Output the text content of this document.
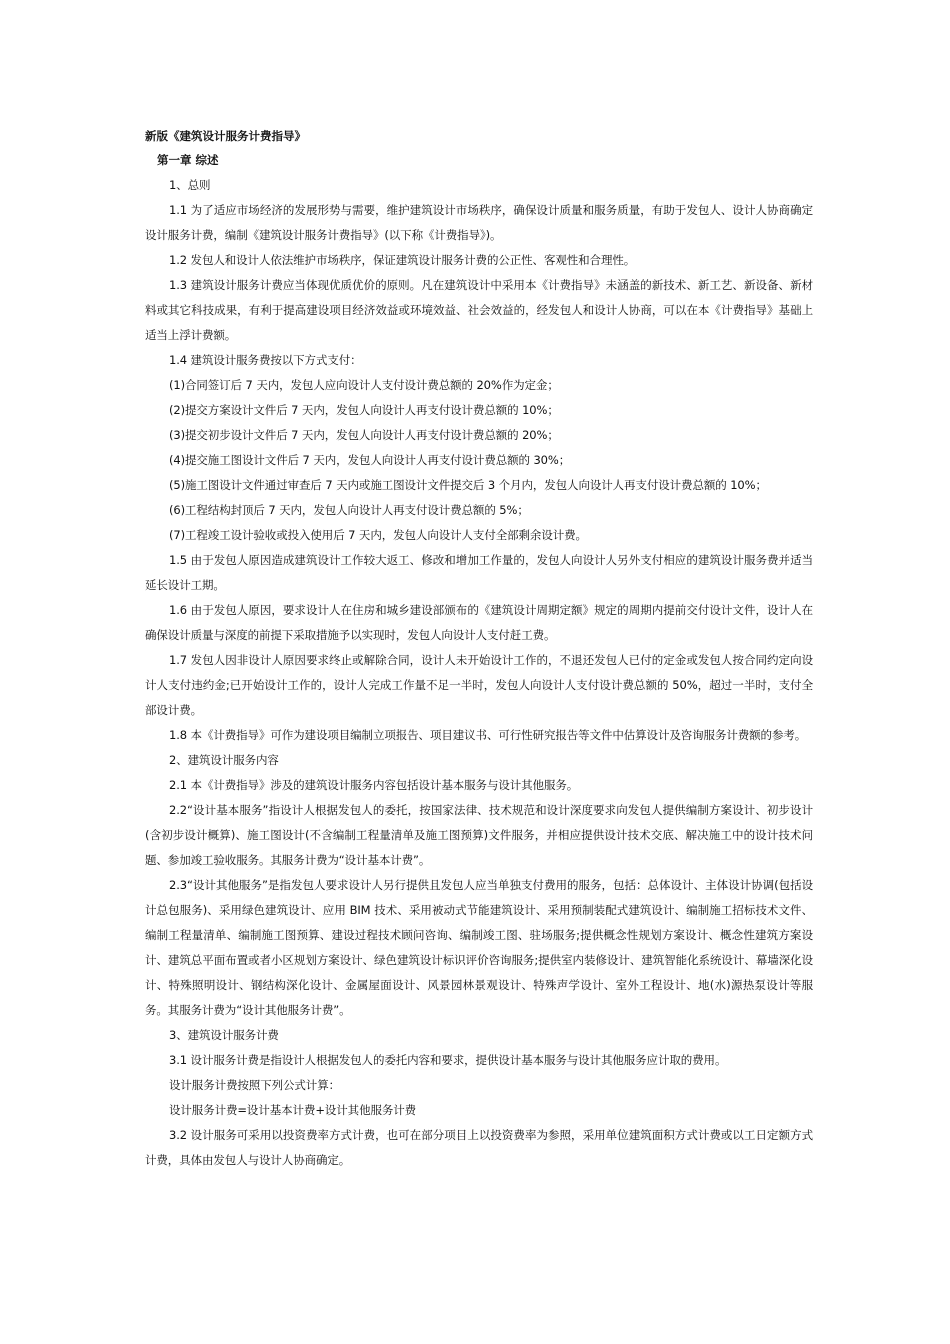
新版《建筑设计服务计费指导》

第一章 综述

1、总则

1.1 为了适应市场经济的发展形势与需要，维护建筑设计市场秩序，确保设计质量和服务质量，有助于发包人、设计人协商确定设计服务计费，编制《建筑设计服务计费指导》(以下称《计费指导》)。

1.2 发包人和设计人依法维护市场秩序，保证建筑设计服务计费的公正性、客观性和合理性。

1.3 建筑设计服务计费应当体现优质优价的原则。凡在建筑设计中采用本《计费指导》未涵盖的新技术、新工艺、新设备、新材料或其它科技成果，有利于提高建设项目经济效益或环境效益、社会效益的，经发包人和设计人协商，可以在本《计费指导》基础上适当上浮计费额。

1.4 建筑设计服务费按以下方式支付：

(1)合同签订后 7 天内，发包人应向设计人支付设计费总额的 20%作为定金；

(2)提交方案设计文件后 7 天内，发包人向设计人再支付设计费总额的 10%；

(3)提交初步设计文件后 7 天内，发包人向设计人再支付设计费总额的 20%；

(4)提交施工图设计文件后 7 天内，发包人向设计人再支付设计费总额的 30%；

(5)施工图设计文件通过审查后 7 天内或施工图设计文件提交后 3 个月内，发包人向设计人再支付设计费总额的 10%；

(6)工程结构封顶后 7 天内，发包人向设计人再支付设计费总额的 5%；

(7)工程竣工设计验收或投入使用后 7 天内，发包人向设计人支付全部剩余设计费。

1.5 由于发包人原因造成建筑设计工作较大返工、修改和增加工作量的，发包人向设计人另外支付相应的建筑设计服务费并适当延长设计工期。

1.6 由于发包人原因，要求设计人在住房和城乡建设部颁布的《建筑设计周期定额》规定的周期内提前交付设计文件，设计人在确保设计质量与深度的前提下采取措施予以实现时，发包人向设计人支付赶工费。

1.7 发包人因非设计人原因要求终止或解除合同，设计人未开始设计工作的，不退还发包人已付的定金或发包人按合同约定向设计人支付违约金;已开始设计工作的，设计人完成工作量不足一半时，发包人向设计人支付设计费总额的 50%，超过一半时，支付全部设计费。

1.8 本《计费指导》可作为建设项目编制立项报告、项目建议书、可行性研究报告等文件中估算设计及咨询服务计费额的参考。

2、建筑设计服务内容

2.1 本《计费指导》涉及的建筑设计服务内容包括设计基本服务与设计其他服务。

2.2“设计基本服务”指设计人根据发包人的委托，按国家法律、技术规范和设计深度要求向发包人提供编制方案设计、初步设计(含初步设计概算)、施工图设计(不含编制工程量清单及施工图预算)文件服务，并相应提供设计技术交底、解决施工中的设计技术问题、参加竣工验收服务。其服务计费为“设计基本计费”。

2.3“设计其他服务”是指发包人要求设计人另行提供且发包人应当单独支付费用的服务，包括：总体设计、主体设计协调(包括设计总包服务)、采用绿色建筑设计、应用 BIM 技术、采用被动式节能建筑设计、采用预制装配式建筑设计、编制施工招标技术文件、编制工程量清单、编制施工图预算、建设过程技术顾问咨询、编制竣工图、驻场服务;提供概念性规划方案设计、概念性建筑方案设计、建筑总平面布置或者小区规划方案设计、绿色建筑设计标识评价咨询服务;提供室内装修设计、建筑智能化系统设计、幕墙深化设计、特殊照明设计、钢结构深化设计、金属屋面设计、风景园林景观设计、特殊声学设计、室外工程设计、地(水)源热泵设计等服务。其服务计费为“设计其他服务计费”。

3、建筑设计服务计费

3.1 设计服务计费是指设计人根据发包人的委托内容和要求，提供设计基本服务与设计其他服务应计取的费用。

设计服务计费按照下列公式计算：

设计服务计费=设计基本计费+设计其他服务计费

3.2 设计服务可采用以投资费率方式计费，也可在部分项目上以投资费率为参照，采用单位建筑面积方式计费或以工日定额方式计费，具体由发包人与设计人协商确定。
